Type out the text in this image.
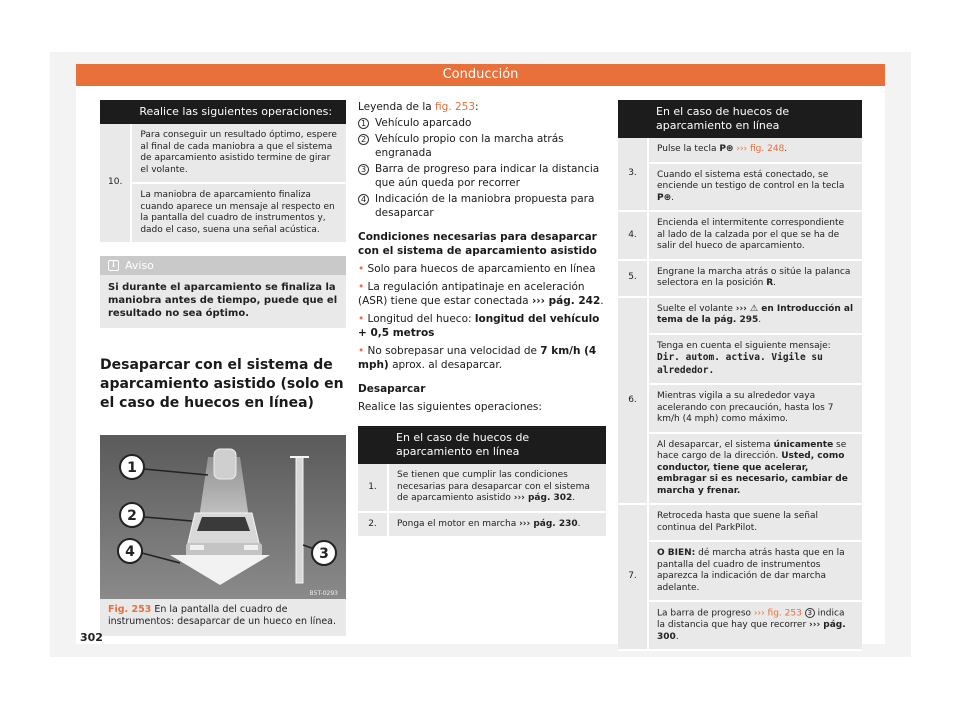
Conducción
	Realice las siguientes operaciones:
10.	Para conseguir un resultado óptimo, espere al final de cada maniobra a que el sistema de aparcamiento asistido termine de girar el volante.
	La maniobra de aparcamiento finaliza cuando aparece un mensaje al respecto en la pantalla del cuadro de instrumentos y, dado el caso, suena una señal acústica.
i Aviso
Si durante el aparcamiento se finaliza la maniobra antes de tiempo, puede que el resultado no sea óptimo.
Desaparcar con el sistema de aparcamiento asistido (solo en el caso de huecos en línea)
1
2
4	3
B5T-0293
Fig. 253 En la pantalla del cuadro de instrumentos: desaparcar de un hueco en línea.
Leyenda de la fig. 253:
1 Vehículo aparcado
2 Vehículo propio con la marcha atrás engranada
3 Barra de progreso para indicar la distancia que aún queda por recorrer
4 Indicación de la maniobra propuesta para desaparcar
Condiciones necesarias para desaparcar con el sistema de aparcamiento asistido
• Solo para huecos de aparcamiento en línea
• La regulación antipatinaje en aceleración (ASR) tiene que estar conectada ››› pág. 242.
• Longitud del hueco: longitud del vehículo + 0,5 metros
• No sobrepasar una velocidad de 7 km/h (4 mph) aprox. al desaparcar.
Desaparcar
Realice las siguientes operaciones:
	En el caso de huecos de aparcamiento en línea
1.	Se tienen que cumplir las condiciones necesarias para desaparcar con el sistema de aparcamiento asistido ››› pág. 302.
2.	Ponga el motor en marcha ››› pág. 230.
	En el caso de huecos de aparcamiento en línea
3.	Pulse la tecla P⊛ ››› fig. 248.
	Cuando el sistema está conectado, se enciende un testigo de control en la tecla P⊛.
4.	Encienda el intermitente correspondiente al lado de la calzada por el que se ha de salir del hueco de aparcamiento.
5.	Engrane la marcha atrás o sitúe la palanca selectora en la posición R.
6.	Suelte el volante ››› ⚠ en Introducción al tema de la pág. 295.
	Tenga en cuenta el siguiente mensaje: Dir. autom. activa. Vigile su alrededor.
	Mientras vigila a su alrededor vaya acelerando con precaución, hasta los 7 km/h (4 mph) como máximo.
	Al desaparcar, el sistema únicamente se hace cargo de la dirección. Usted, como conductor, tiene que acelerar, embragar si es necesario, cambiar de marcha y frenar.
7.	Retroceda hasta que suene la señal continua del ParkPilot.
	O BIEN: dé marcha atrás hasta que en la pantalla del cuadro de instrumentos aparezca la indicación de dar marcha adelante.
	La barra de progreso ››› fig. 253 3 indica la distancia que hay que recorrer ››› pág. 300.
302
